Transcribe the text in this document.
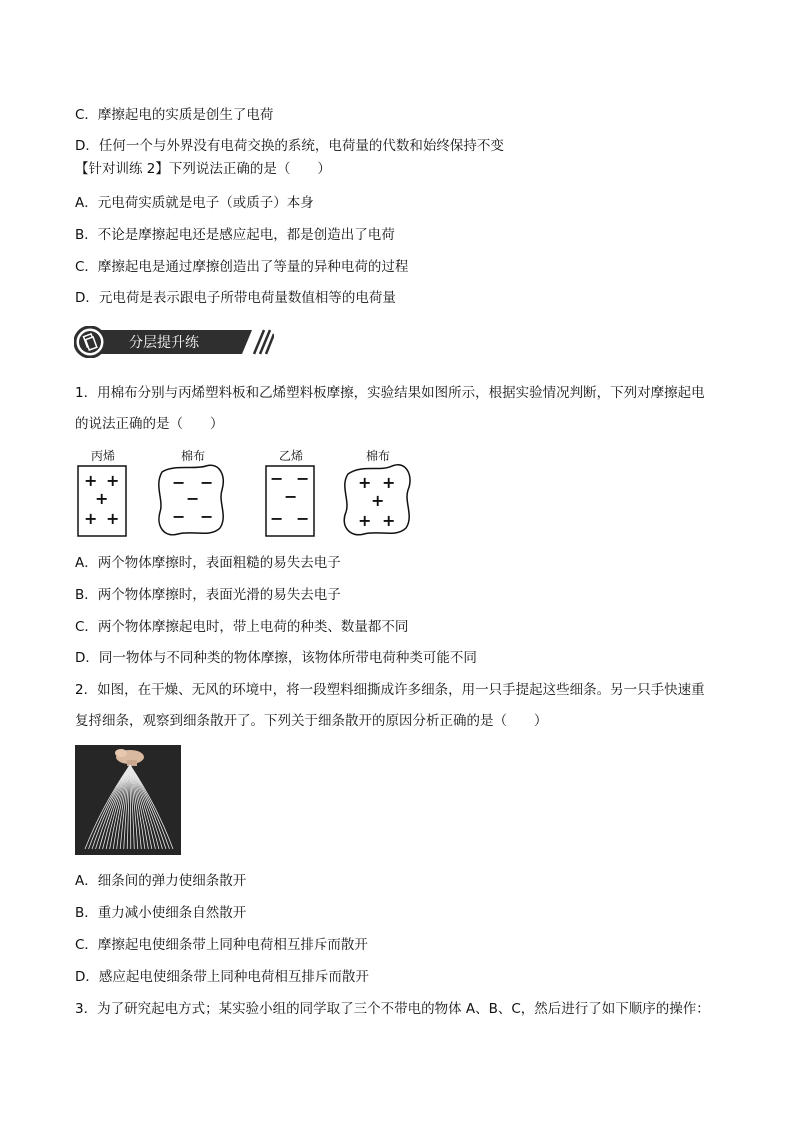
C．摩擦起电的实质是创生了电荷
D．任何一个与外界没有电荷交换的系统，电荷量的代数和始终保持不变
【针对训练 2】下列说法正确的是（　　）
A．元电荷实质就是电子（或质子）本身
B．不论是摩擦起电还是感应起电，都是创造出了电荷
C．摩擦起电是通过摩擦创造出了等量的异种电荷的过程
D．元电荷是表示跟电子所带电荷量数值相等的电荷量
分层提升练
1．用棉布分别与丙烯塑料板和乙烯塑料板摩擦，实验结果如图所示，根据实验情况判断，下列对摩擦起电
的说法正确的是（　　）
丙烯
+ +
+
+ +
棉布
− −
−
− −
乙烯
− −
−
− −
棉布
+ +
+
+ +
A．两个物体摩擦时，表面粗糙的易失去电子
B．两个物体摩擦时，表面光滑的易失去电子
C．两个物体摩擦起电时，带上电荷的种类、数量都不同
D．同一物体与不同种类的物体摩擦，该物体所带电荷种类可能不同
2．如图，在干燥、无风的环境中，将一段塑料细撕成许多细条，用一只手提起这些细条。另一只手快速重
复捋细条，观察到细条散开了。下列关于细条散开的原因分析正确的是（　　）
A．细条间的弹力使细条散开
B．重力减小使细条自然散开
C．摩擦起电使细条带上同种电荷相互排斥而散开
D．感应起电使细条带上同种电荷相互排斥而散开
3．为了研究起电方式；某实验小组的同学取了三个不带电的物体 A、B、C，然后进行了如下顺序的操作：
